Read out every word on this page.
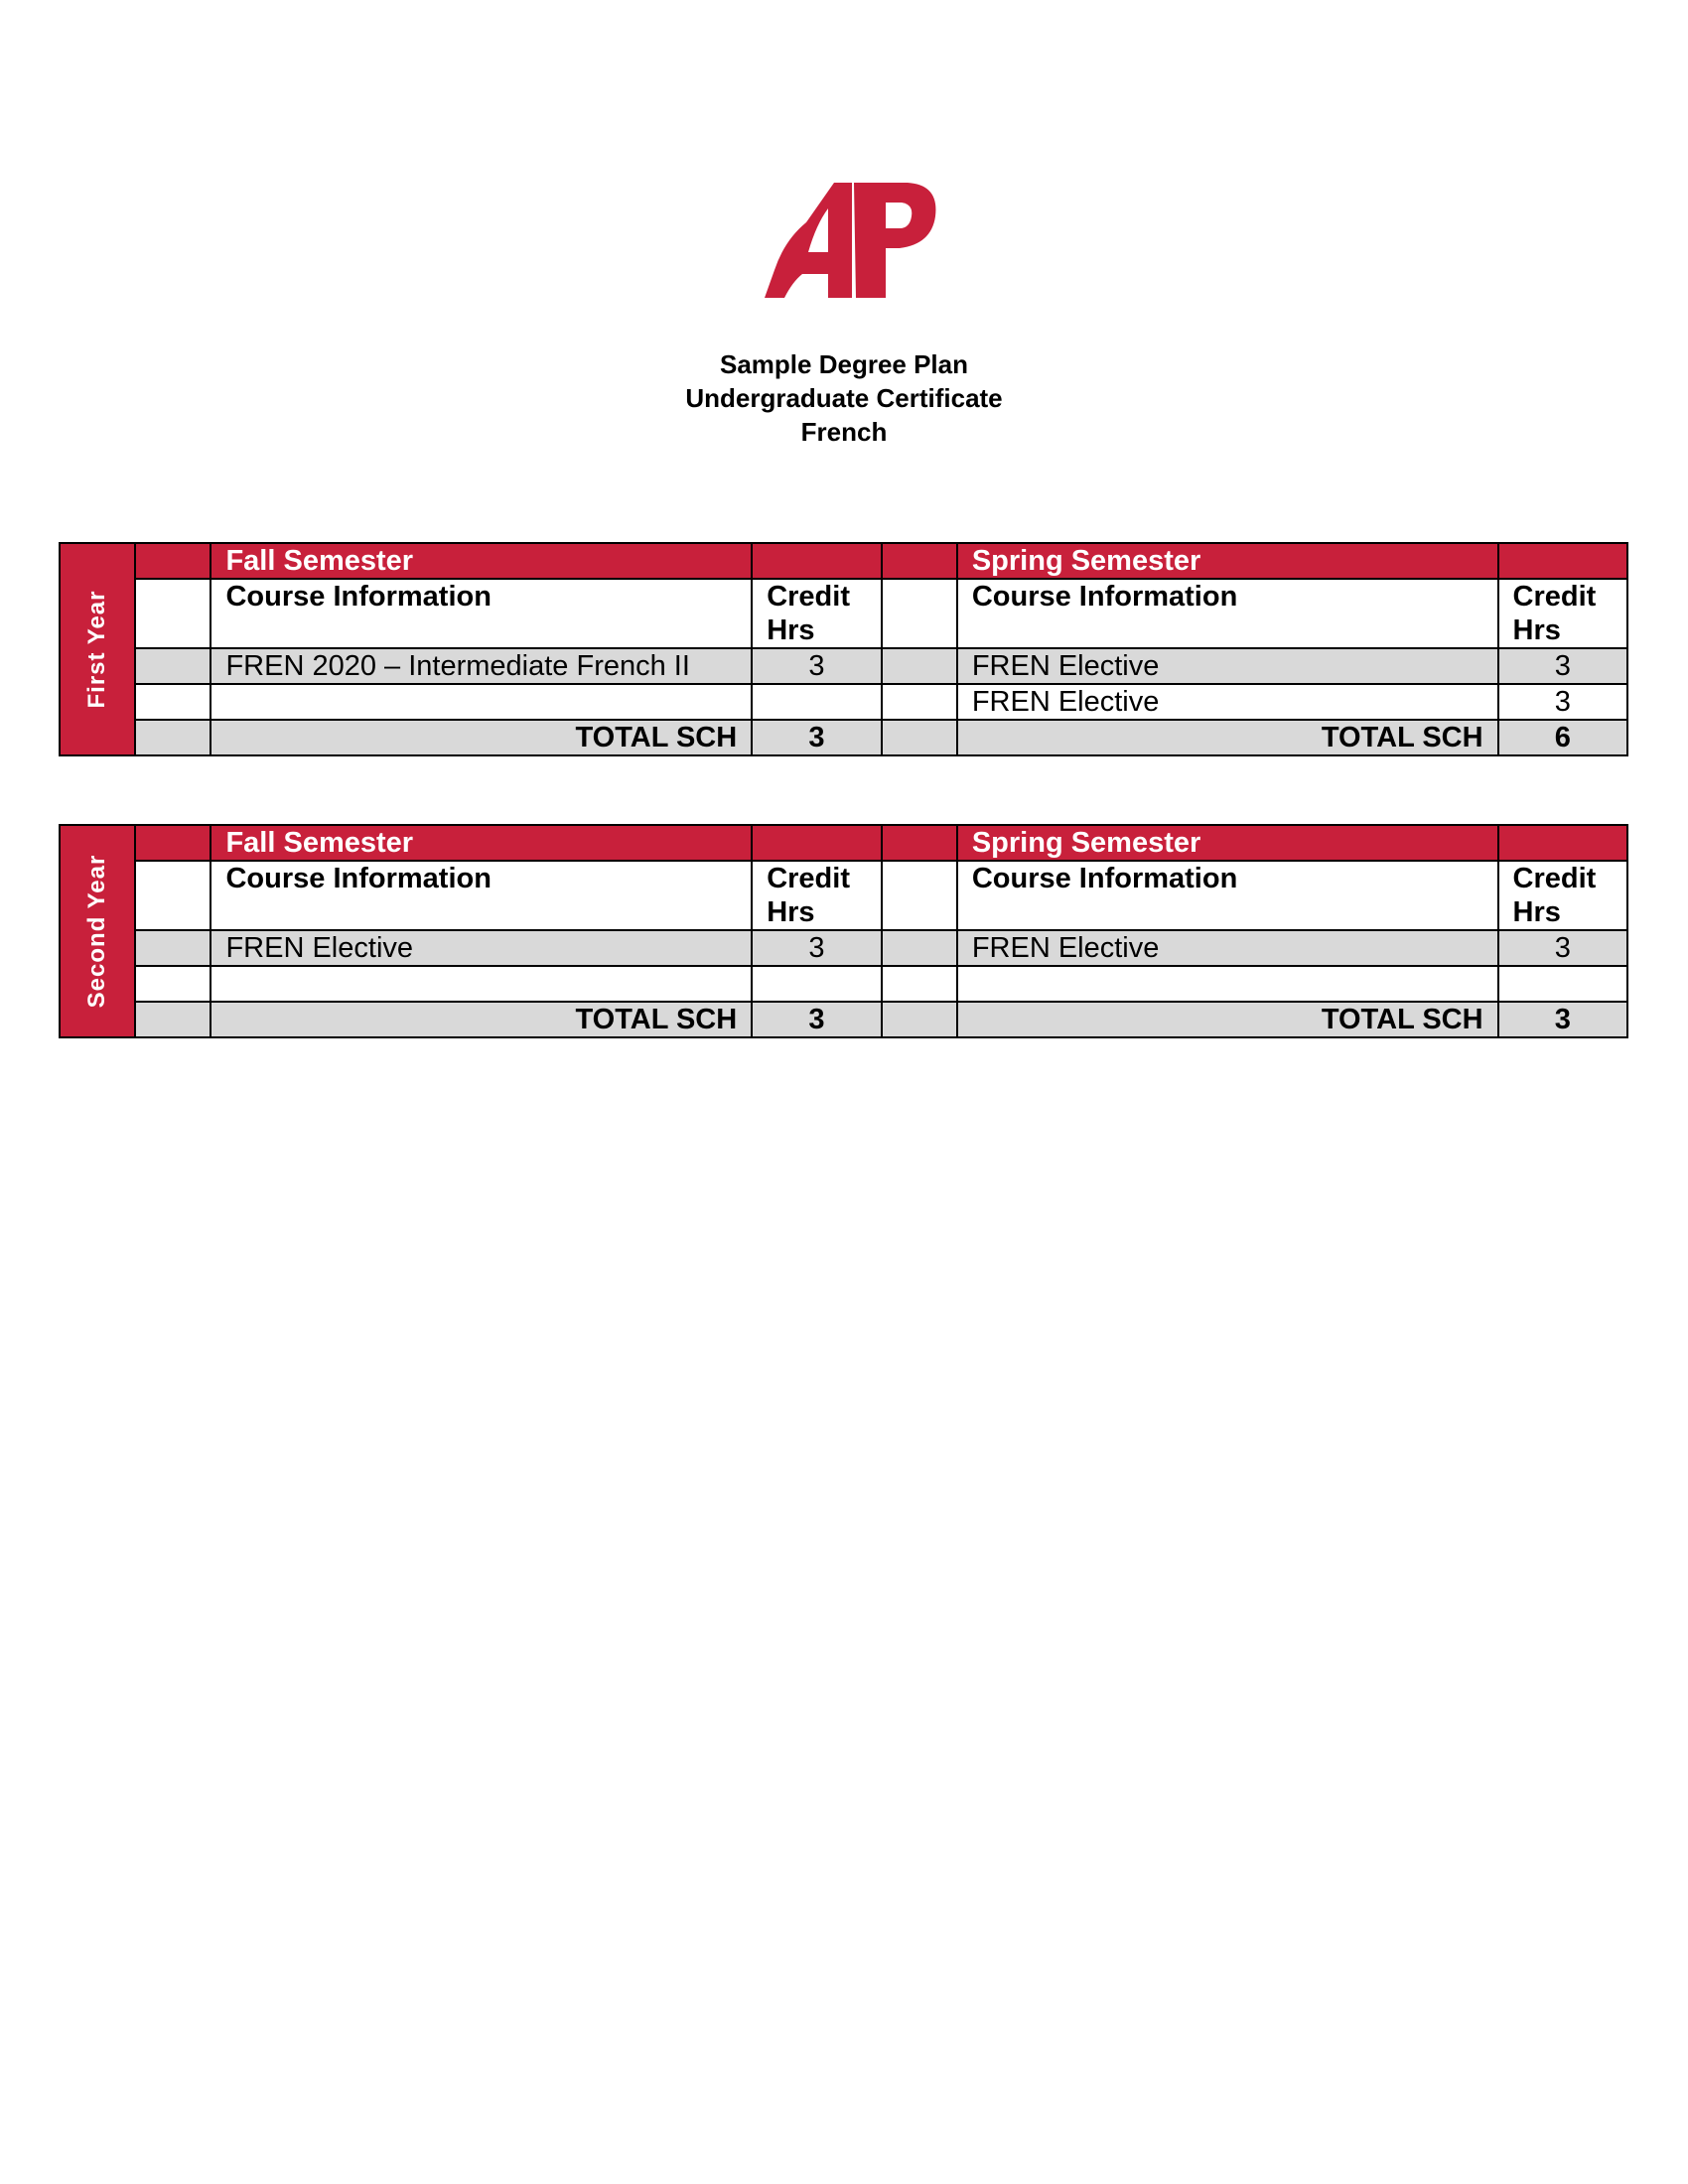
Sample Degree Plan
Undergraduate Certificate
French
First Year		Fall Semester			Spring Semester	
		Course Information	Credit Hrs		Course Information	Credit Hrs
		FREN 2020 – Intermediate French II	3		FREN Elective	3
					FREN Elective	3
		TOTAL SCH	3		TOTAL SCH	6
Second Year		Fall Semester			Spring Semester	
		Course Information	Credit Hrs		Course Information	Credit Hrs
		FREN Elective	3		FREN Elective	3

		TOTAL SCH	3		TOTAL SCH	3
